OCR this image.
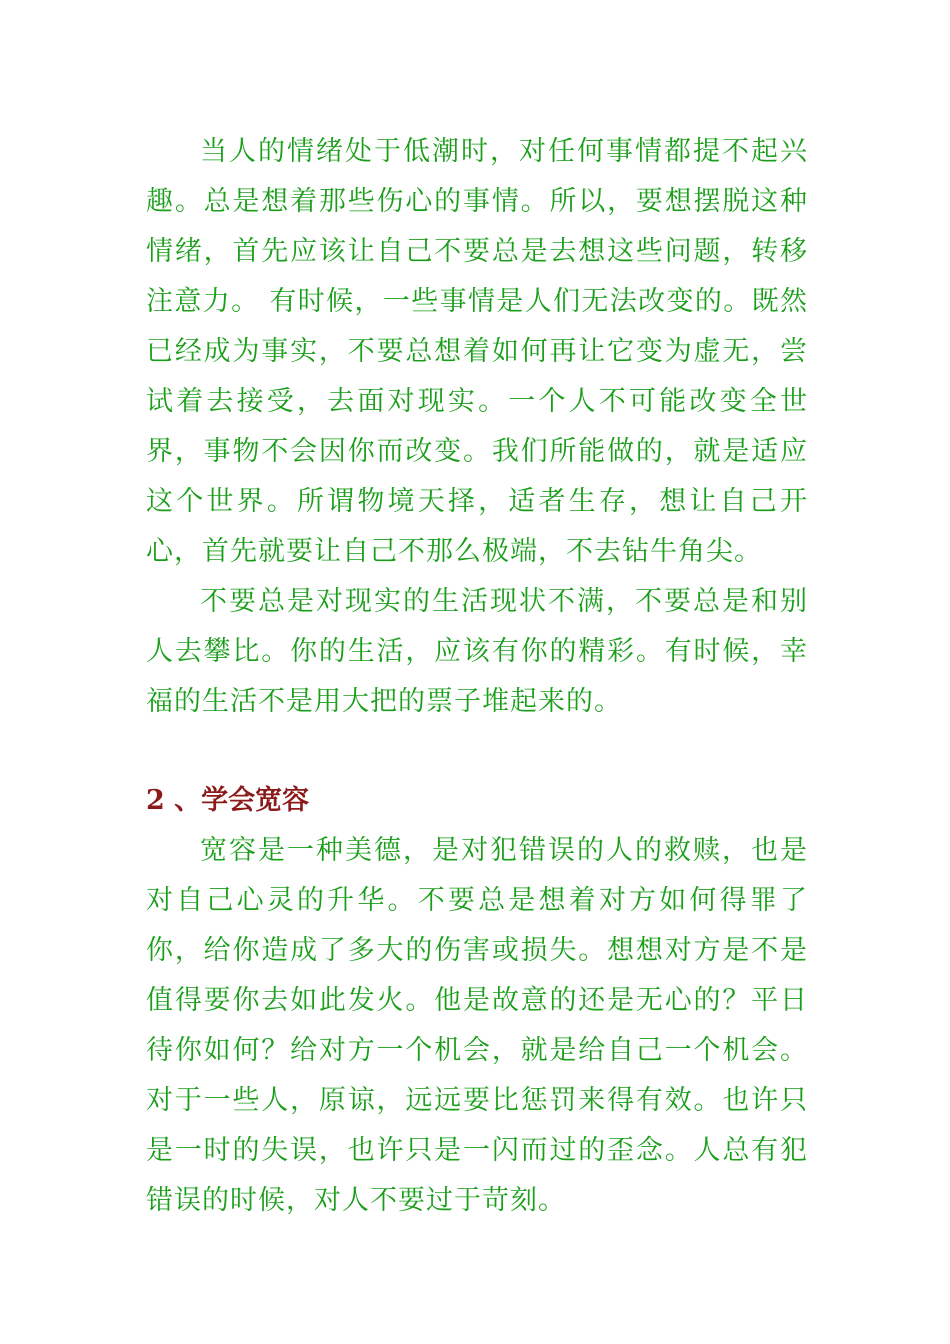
当人的情绪处于低潮时，对任何事情都提不起兴趣。总是想着那些伤心的事情。所以，要想摆脱这种情绪，首先应该让自己不要总是去想这些问题，转移注意力。 有时候，一些事情是人们无法改变的。既然已经成为事实，不要总想着如何再让它变为虚无，尝试着去接受，去面对现实。一个人不可能改变全世界，事物不会因你而改变。我们所能做的，就是适应这个世界。所谓物境天择，适者生存，想让自己开心，首先就要让自己不那么极端，不去钻牛角尖。

不要总是对现实的生活现状不满，不要总是和别人去攀比。你的生活，应该有你的精彩。有时候，幸福的生活不是用大把的票子堆起来的。

2 、学会宽容

宽容是一种美德，是对犯错误的人的救赎，也是对自己心灵的升华。不要总是想着对方如何得罪了你，给你造成了多大的伤害或损失。想想对方是不是值得要你去如此发火。他是故意的还是无心的？平日待你如何？给对方一个机会，就是给自己一个机会。对于一些人，原谅，远远要比惩罚来得有效。也许只是一时的失误，也许只是一闪而过的歪念。人总有犯错误的时候，对人不要过于苛刻。
